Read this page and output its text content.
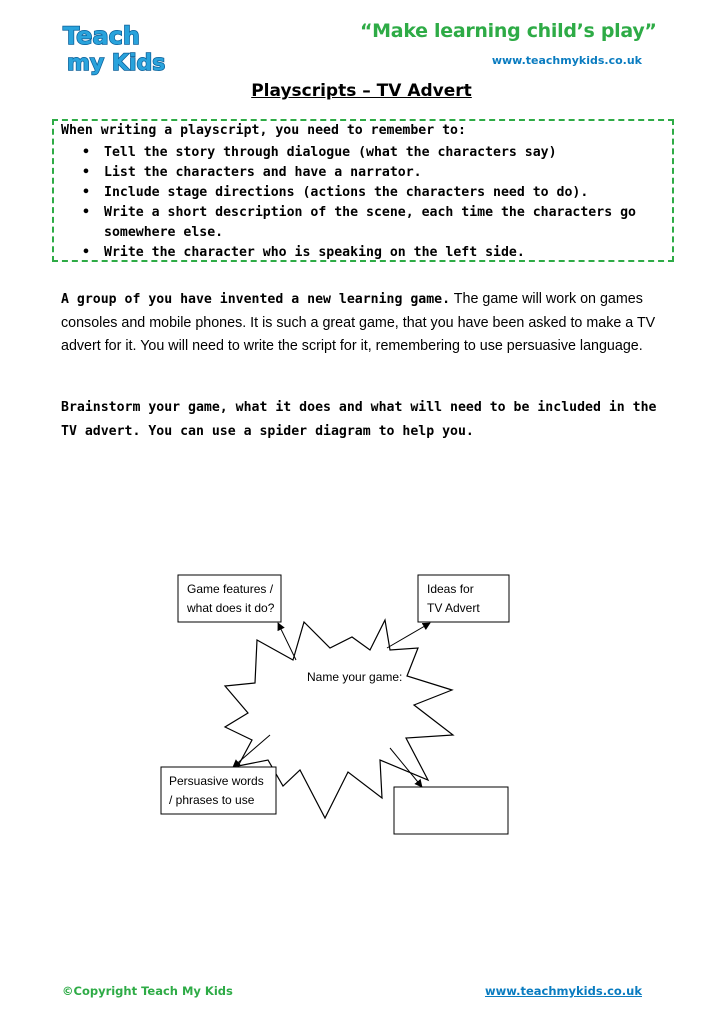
Teach
my Kids
“Make learning child’s play”
www.teachmykids.co.uk
Playscripts – TV Advert
When writing a playscript, you need to remember to:
• Tell the story through dialogue (what the characters say)
• List the characters and have a narrator.
• Include stage directions (actions the characters need to do).
• Write a short description of the scene, each time the characters go somewhere else.
• Write the character who is speaking on the left side.
A group of you have invented a new learning game. The game will work on games consoles and mobile phones. It is such a great game, that you have been asked to make a TV advert for it. You will need to write the script for it, remembering to use persuasive language.
Brainstorm your game, what it does and what will need to be included in the TV advert. You can use a spider diagram to help you.
Game features /
what does it do?
Ideas for
TV Advert
Persuasive words
/ phrases to use
Name your game:
©Copyright Teach My Kids	www.teachmykids.co.uk
